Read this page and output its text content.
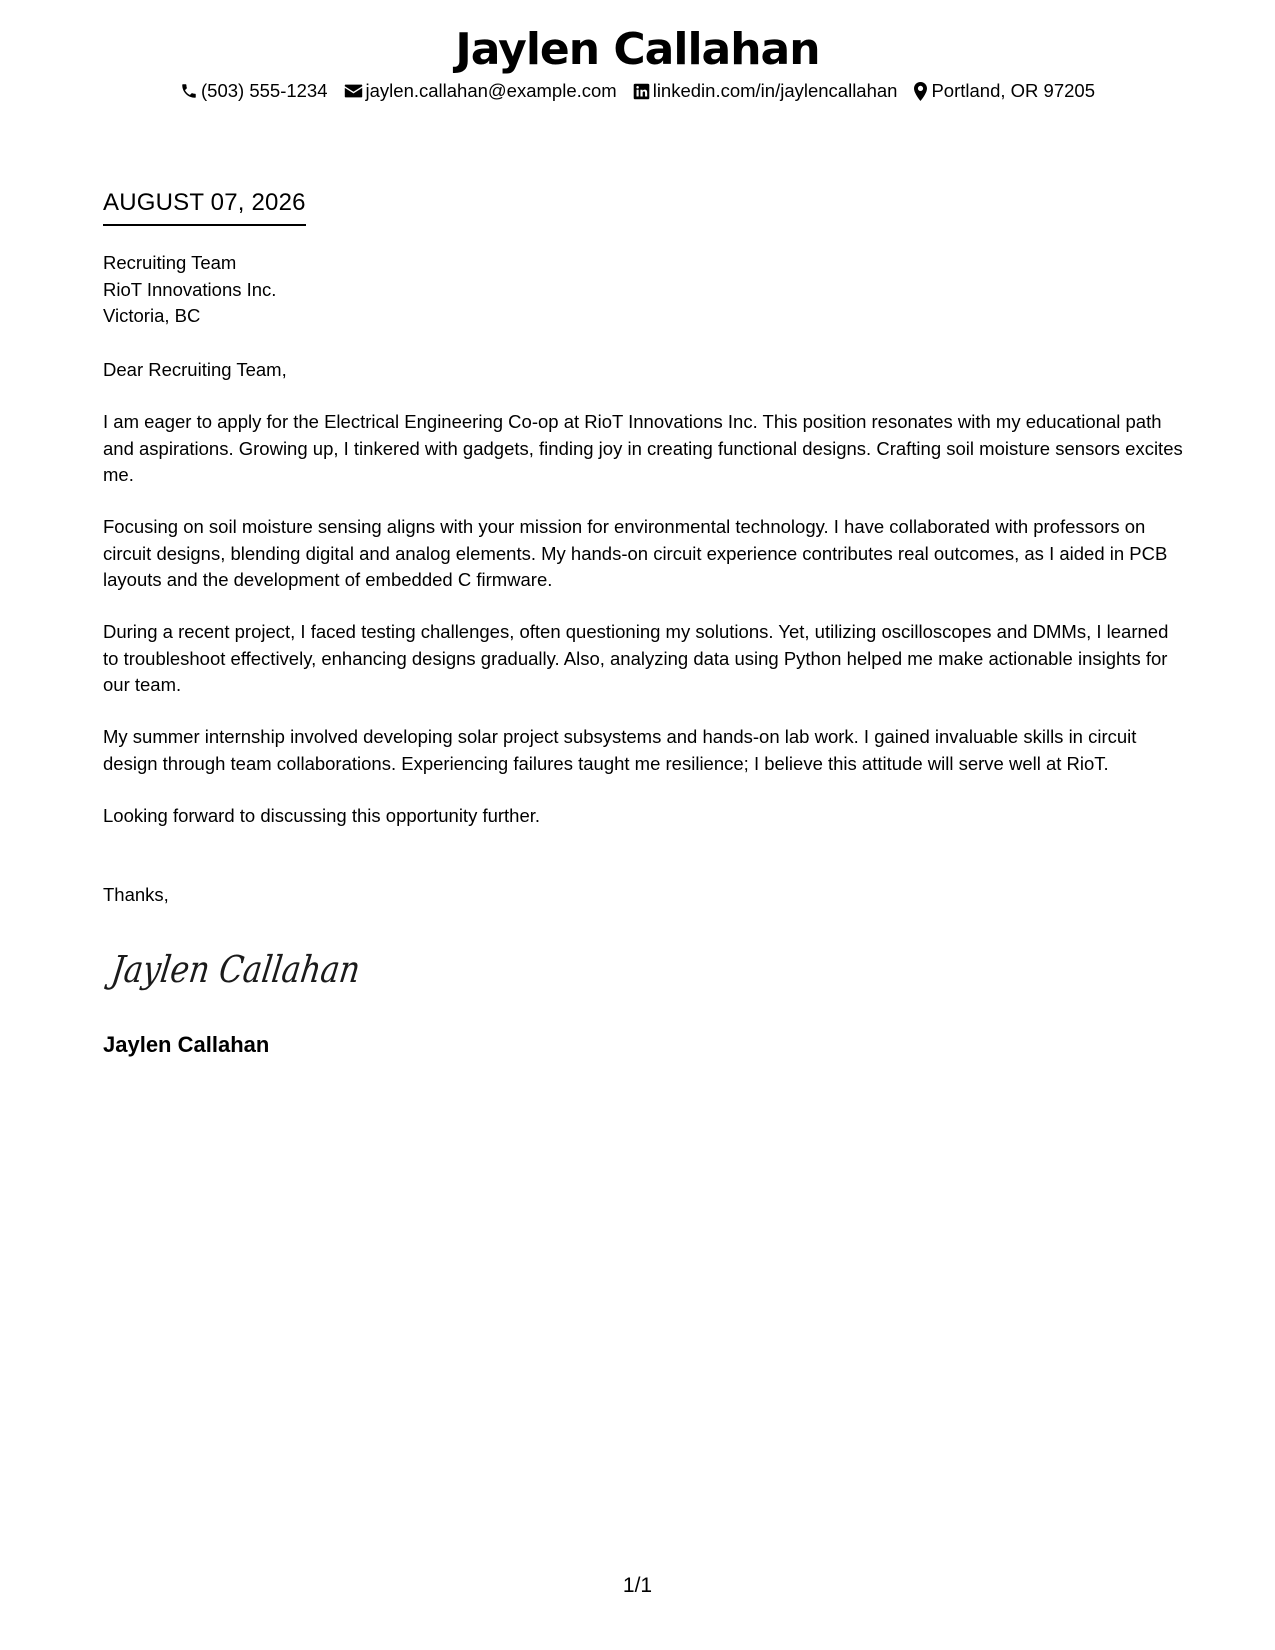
Jaylen Callahan
(503) 555-1234 jaylen.callahan@example.com linkedin.com/in/jaylencallahan Portland, OR 97205
AUGUST 07, 2026
Recruiting Team
RioT Innovations Inc.
Victoria, BC

Dear Recruiting Team,

I am eager to apply for the Electrical Engineering Co-op at RioT Innovations Inc. This position resonates with my educational path and aspirations. Growing up, I tinkered with gadgets, finding joy in creating functional designs. Crafting soil moisture sensors excites me.

Focusing on soil moisture sensing aligns with your mission for environmental technology. I have collaborated with professors on circuit designs, blending digital and analog elements. My hands-on circuit experience contributes real outcomes, as I aided in PCB layouts and the development of embedded C firmware.

During a recent project, I faced testing challenges, often questioning my solutions. Yet, utilizing oscilloscopes and DMMs, I learned to troubleshoot effectively, enhancing designs gradually. Also, analyzing data using Python helped me make actionable insights for our team.

My summer internship involved developing solar project subsystems and hands-on lab work. I gained invaluable skills in circuit design through team collaborations. Experiencing failures taught me resilience; I believe this attitude will serve well at RioT.

Looking forward to discussing this opportunity further.

Thanks,

Jaylen Callahan
Jaylen Callahan
1/1
